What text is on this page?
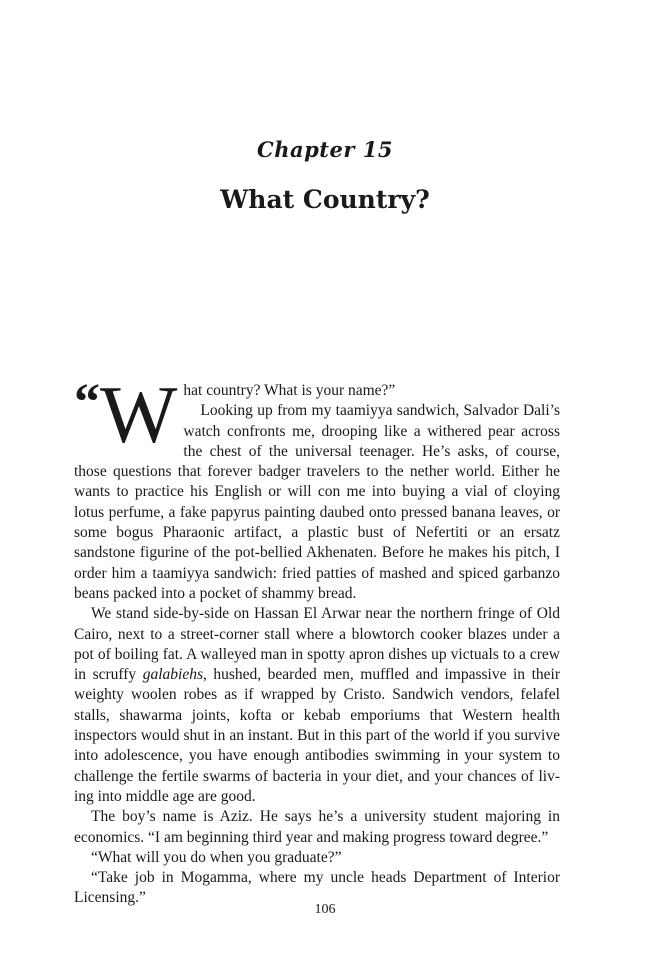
Chapter 15
What Country?

“ W hat country? What is your name?”

Looking up from my taamiyya sandwich, Salvador Dali’s watch confronts me, drooping like a withered pear across the chest of the universal teenager. He’s asks, of course, those questions that forever badger travelers to the nether world. Either he wants to practice his English or will con me into buying a vial of cloying lotus perfume, a fake papyrus painting daubed onto pressed banana leaves, or some bogus Pharaonic artifact, a plastic bust of Nefertiti or an ersatz sandstone figurine of the pot-bellied Akhenaten. Before he makes his pitch, I order him a taamiyya sandwich: fried patties of mashed and spiced garbanzo beans packed into a pocket of shammy bread.

We stand side-by-side on Hassan El Arwar near the northern fringe of Old Cairo, next to a street-corner stall where a blowtorch cooker blazes under a pot of boiling fat. A walleyed man in spotty apron dishes up victuals to a crew in scruffy galabiehs, hushed, bearded men, muffled and impassive in their weighty woolen robes as if wrapped by Cristo. Sandwich vendors, felafel stalls, shawarma joints, kofta or kebab emporiums that Western health inspectors would shut in an instant. But in this part of the world if you survive into adolescence, you have enough antibodies swimming in your system to challenge the fertile swarms of bacteria in your diet, and your chances of living into middle age are good.

The boy’s name is Aziz. He says he’s a university student majoring in economics. “I am beginning third year and making progress toward degree.”

“What will you do when you graduate?”

“Take job in Mogamma, where my uncle heads Department of Interior Licensing.”

106
